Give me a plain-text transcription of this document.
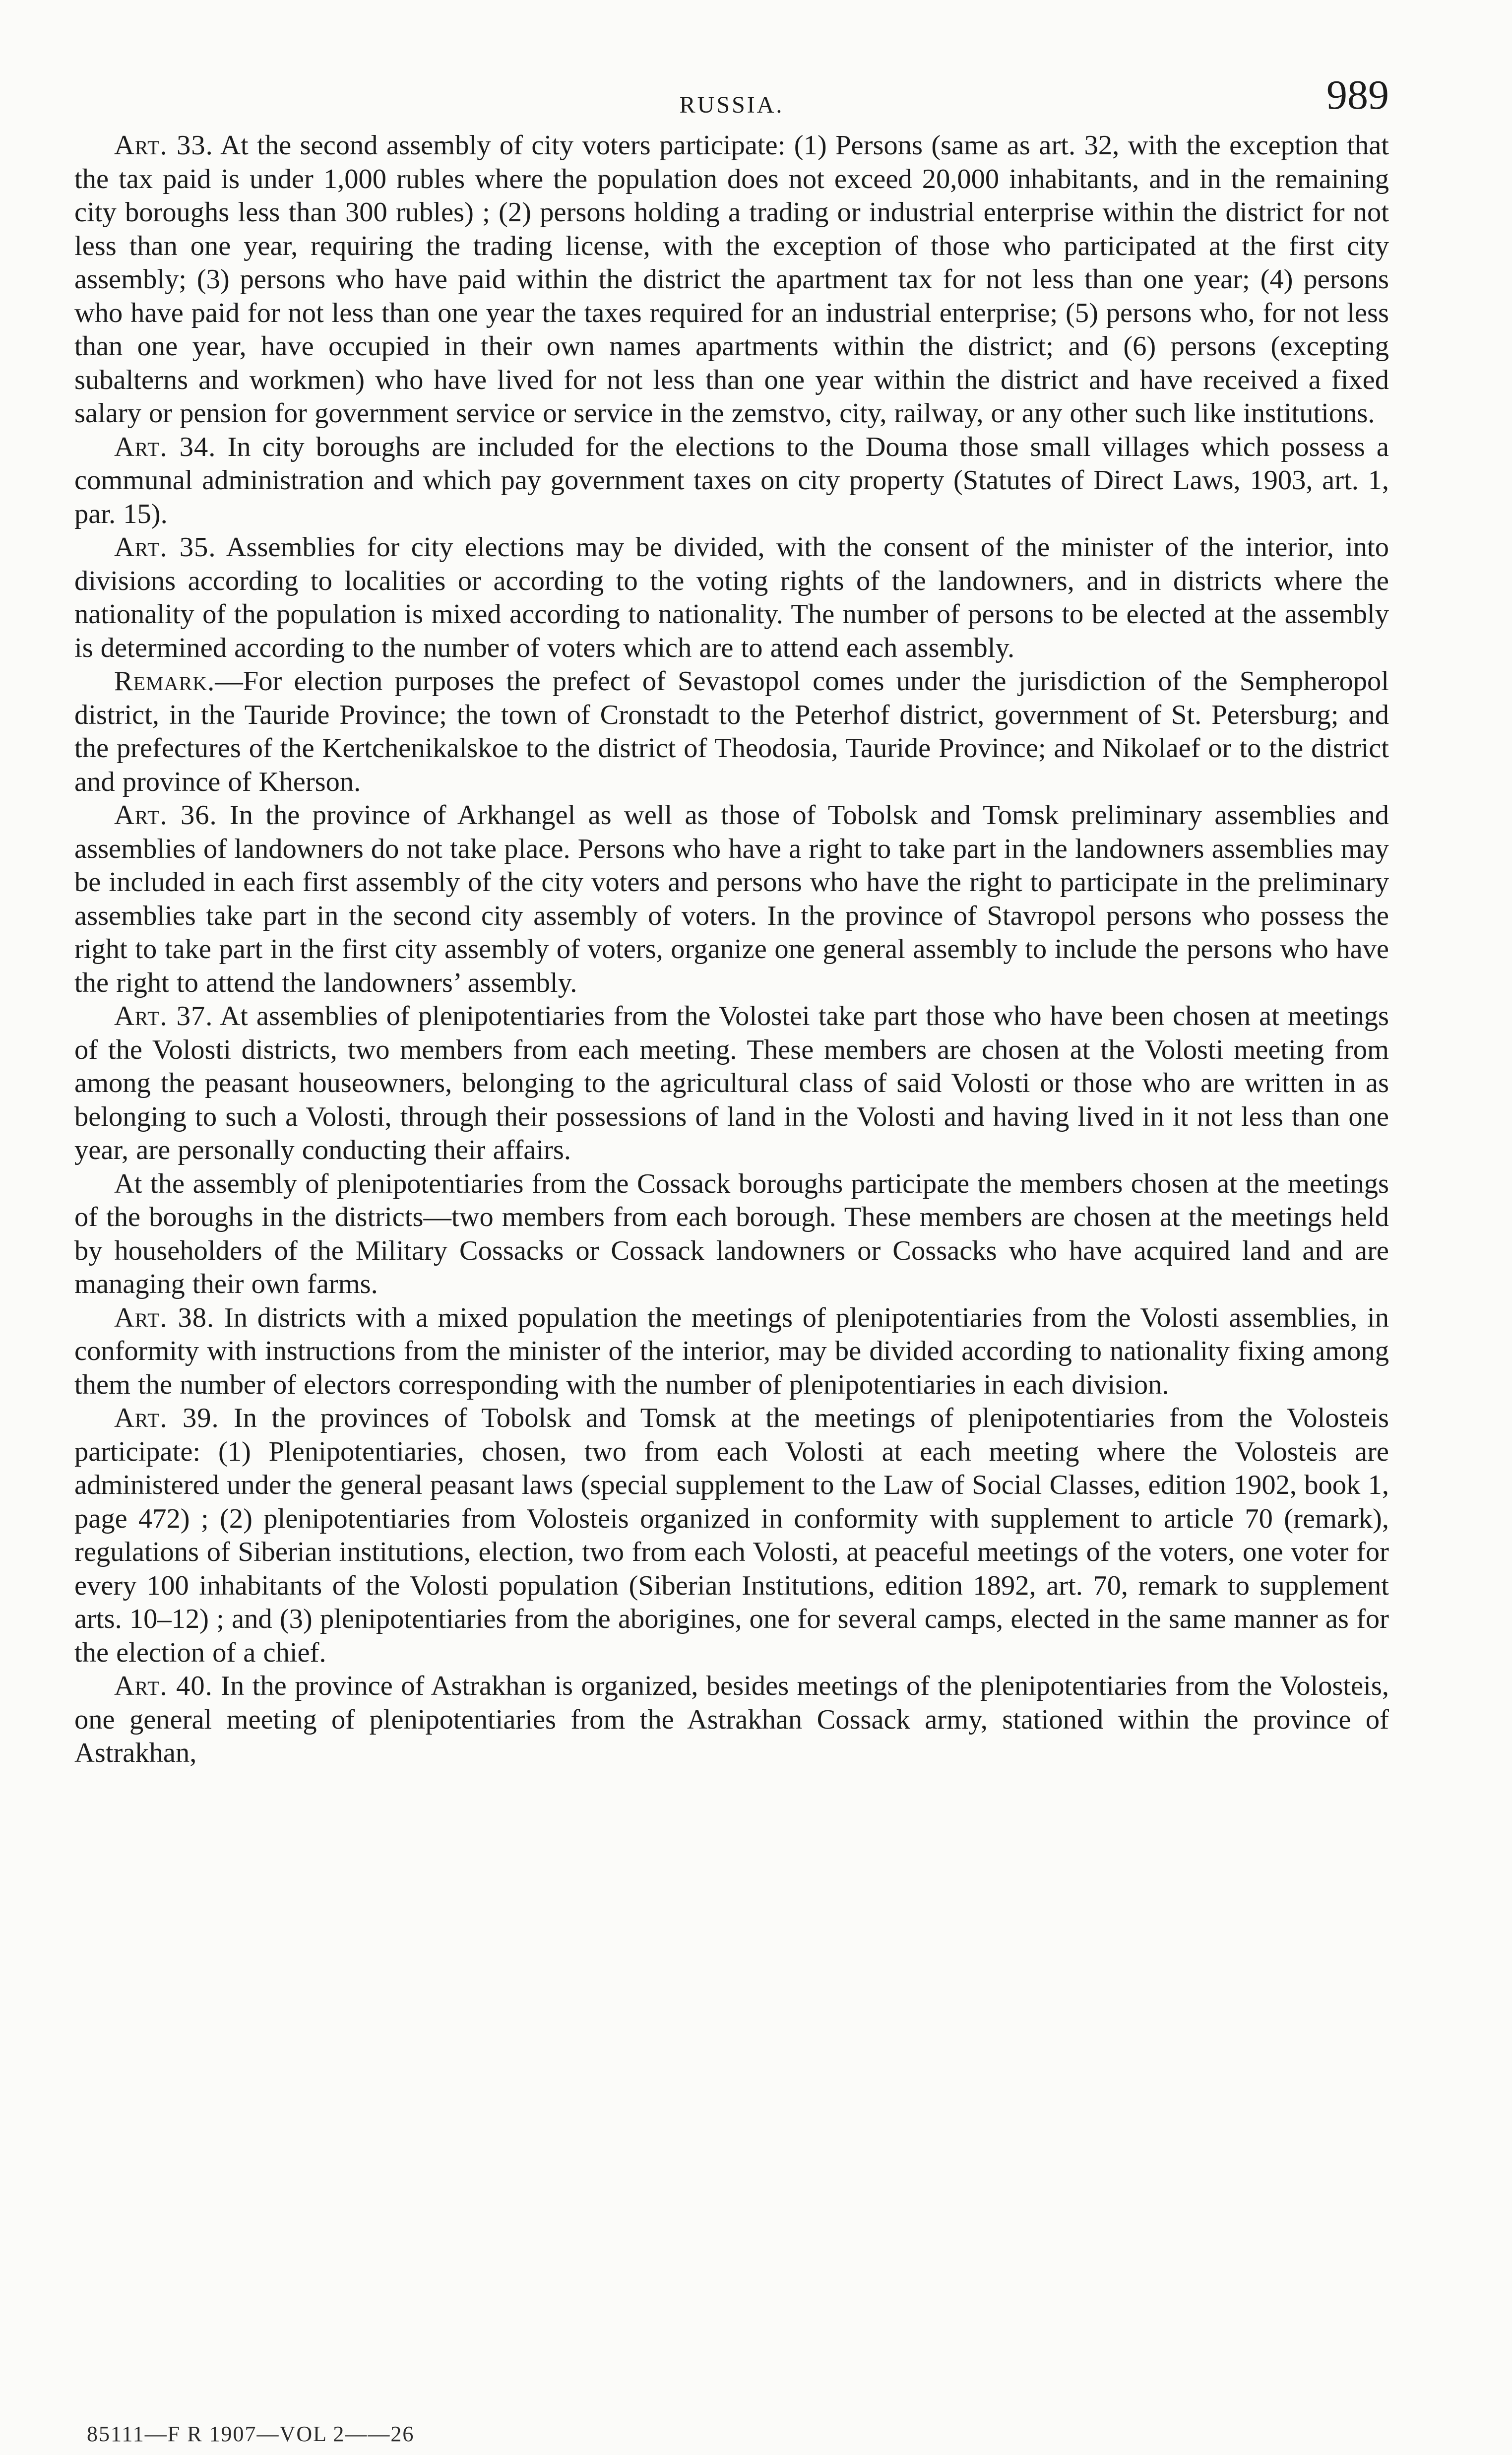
RUSSIA.	989

Art. 33. At the second assembly of city voters participate: (1) Persons (same as art. 32, with the exception that the tax paid is under 1,000 rubles where the population does not exceed 20,000 inhabitants, and in the remaining city boroughs less than 300 rubles) ; (2) persons holding a trading or industrial enterprise within the district for not less than one year, requiring the trading license, with the exception of those who participated at the first city assembly; (3) persons who have paid within the district the apartment tax for not less than one year; (4) persons who have paid for not less than one year the taxes required for an industrial enterprise; (5) persons who, for not less than one year, have occupied in their own names apartments within the district; and (6) persons (excepting subalterns and workmen) who have lived for not less than one year within the district and have received a fixed salary or pension for government service or service in the zemstvo, city, railway, or any other such like institutions.

Art. 34. In city boroughs are included for the elections to the Douma those small villages which possess a communal administration and which pay government taxes on city property (Statutes of Direct Laws, 1903, art. 1, par. 15).

Art. 35. Assemblies for city elections may be divided, with the consent of the minister of the interior, into divisions according to localities or according to the voting rights of the landowners, and in districts where the nationality of the population is mixed according to nationality. The number of persons to be elected at the assembly is determined according to the number of voters which are to attend each assembly.

Remark.—For election purposes the prefect of Sevastopol comes under the jurisdiction of the Sempheropol district, in the Tauride Province; the town of Cronstadt to the Peterhof district, government of St. Petersburg; and the prefectures of the Kertchenikalskoe to the district of Theodosia, Tauride Province; and Nikolaef or to the district and province of Kherson.

Art. 36. In the province of Arkhangel as well as those of Tobolsk and Tomsk preliminary assemblies and assemblies of landowners do not take place. Persons who have a right to take part in the landowners assemblies may be included in each first assembly of the city voters and persons who have the right to participate in the preliminary assemblies take part in the second city assembly of voters. In the province of Stavropol persons who possess the right to take part in the first city assembly of voters, organize one general assembly to include the persons who have the right to attend the landowners’ assembly.

Art. 37. At assemblies of plenipotentiaries from the Volostei take part those who have been chosen at meetings of the Volosti districts, two members from each meeting. These members are chosen at the Volosti meeting from among the peasant houseowners, belonging to the agricultural class of said Volosti or those who are written in as belonging to such a Volosti, through their possessions of land in the Volosti and having lived in it not less than one year, are personally conducting their affairs.

At the assembly of plenipotentiaries from the Cossack boroughs participate the members chosen at the meetings of the boroughs in the districts—two members from each borough. These members are chosen at the meetings held by householders of the Military Cossacks or Cossack landowners or Cossacks who have acquired land and are managing their own farms.

Art. 38. In districts with a mixed population the meetings of plenipotentiaries from the Volosti assemblies, in conformity with instructions from the minister of the interior, may be divided according to nationality fixing among them the number of electors corresponding with the number of plenipotentiaries in each division.

Art. 39. In the provinces of Tobolsk and Tomsk at the meetings of plenipotentiaries from the Volosteis participate: (1) Plenipotentiaries, chosen, two from each Volosti at each meeting where the Volosteis are administered under the general peasant laws (special supplement to the Law of Social Classes, edition 1902, book 1, page 472) ; (2) plenipotentiaries from Volosteis organized in conformity with supplement to article 70 (remark), regulations of Siberian institutions, election, two from each Volosti, at peaceful meetings of the voters, one voter for every 100 inhabitants of the Volosti population (Siberian Institutions, edition 1892, art. 70, remark to supplement arts. 10–12) ; and (3) plenipotentiaries from the aborigines, one for several camps, elected in the same manner as for the election of a chief.

Art. 40. In the province of Astrakhan is organized, besides meetings of the plenipotentiaries from the Volosteis, one general meeting of plenipotentiaries from the Astrakhan Cossack army, stationed within the province of Astrakhan,

85111—F R 1907—VOL 2——26
